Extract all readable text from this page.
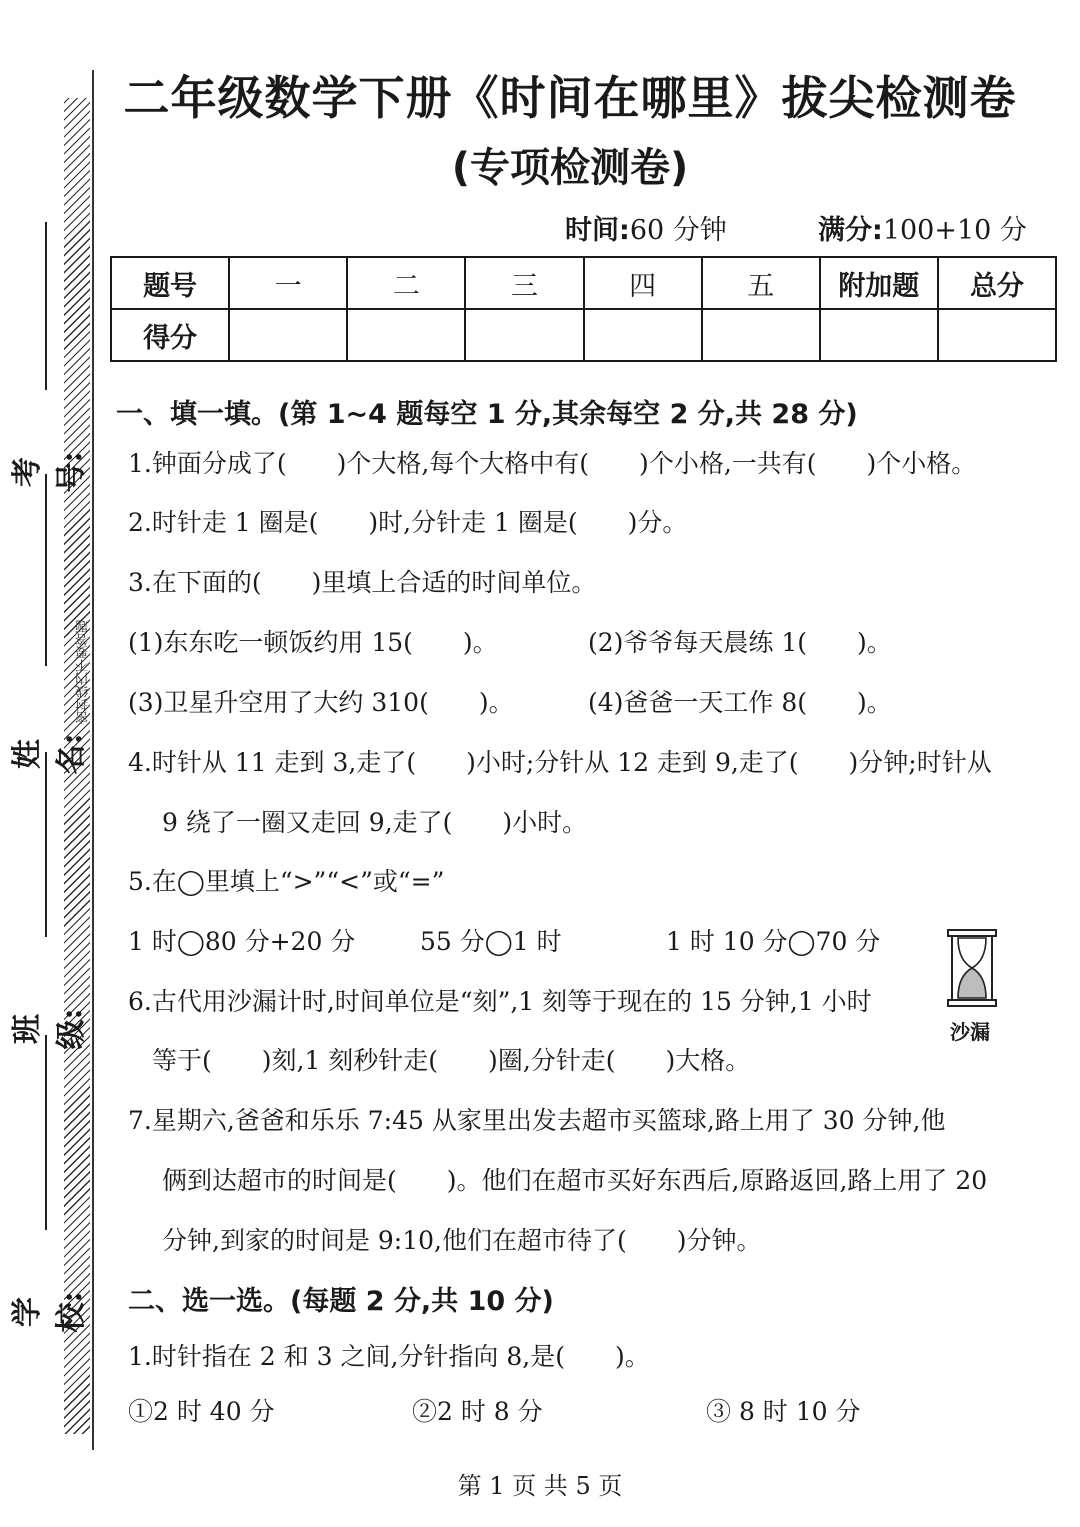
密封线内不要答题
考号:
姓名:
班级:
学校:
二年级数学下册《时间在哪里》拔尖检测卷
(专项检测卷)
时间:60 分钟	满分:100+10 分
题号	一	二	三	四	五	附加题	总分
得分							
一、填一填。(第 1~4 题每空 1 分,其余每空 2 分,共 28 分)
1.钟面分成了(　　)个大格,每个大格中有(　　)个小格,一共有(　　)个小格。
2.时针走 1 圈是(　　)时,分针走 1 圈是(　　)分。
3.在下面的(　　)里填上合适的时间单位。
(1)东东吃一顿饭约用 15(　　)。	(2)爷爷每天晨练 1(　　)。
(3)卫星升空用了大约 310(　　)。	(4)爸爸一天工作 8(　　)。
4.时针从 11 走到 3,走了(　　)小时;分针从 12 走到 9,走了(　　)分钟;时针从
9 绕了一圈又走回 9,走了(　　)小时。
5.在◯里填上“>”“<”或“=”
1 时◯80 分+20 分	55 分◯1 时	1 时 10 分◯70 分
6.古代用沙漏计时,时间单位是“刻”,1 刻等于现在的 15 分钟,1 小时
等于(　　)刻,1 刻秒针走(　　)圈,分针走(　　)大格。
沙漏
7.星期六,爸爸和乐乐 7:45 从家里出发去超市买篮球,路上用了 30 分钟,他
俩到达超市的时间是(　　)。他们在超市买好东西后,原路返回,路上用了 20
分钟,到家的时间是 9:10,他们在超市待了(　　)分钟。
二、选一选。(每题 2 分,共 10 分)
1.时针指在 2 和 3 之间,分针指向 8,是(　　)。
①2 时 40 分	②2 时 8 分	③ 8 时 10 分
第 1 页 共 5 页
